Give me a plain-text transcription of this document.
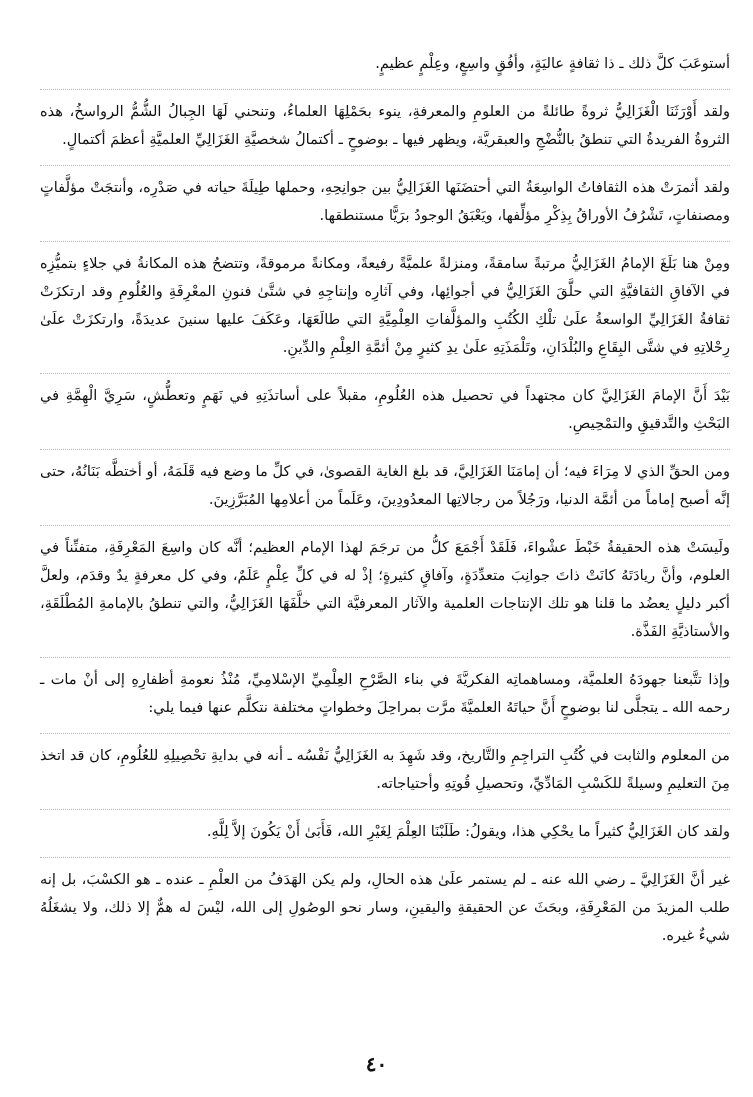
أستوعَبَ كلَّ ذلك ـ ذا ثقافةٍ عاليَةٍ، وأفُقٍ واسِعٍ، وعِلْمٍ عظيمٍ.

ولقد أَوْرَثَنَا الْغَزَالِيُّ ثروةً طائلةً من العلومِ والمعرفةِ، ينوء بحَمْلِهَا العلماءُ، وتنحني لَهَا الجِبالُ الشُّمُّ الرواسخُ، هذه الثروةُ الفريدةُ التي تنطقُ بالنُّضْجِ والعبقريَّة، ويظهر فيها ـ بوضوحٍ ـ أكتمالُ شخصيَّةِ الغَزَالِيِّ العلميَّةِ أعظمَ أكتمالٍ.

ولقد أثمرَتْ هذه الثقافاتُ الواسِعَةُ التي أحتضَنَها الغَزَالِيُّ بين جوانِحِهِ، وحملها طِيلَةَ حياته في صَدْرِه، وأنتجَتْ مؤلَّفاتٍ ومصنفاتٍ، تَشْرُفُ الأوراقُ بِذِكْرِ مؤلِّفها، ويَعْبَقُ الوجودُ برَيًّا مستنطقها.

ومِنْ هنا بَلَغَ الإمامُ الغَزَالِيُّ مرتبةً سامقةً، ومنزلةً علميَّةً رفيعةً، ومكانةً مرموقةً، وتتضحُ هذه المكانةُ في جلاءٍ بتميُّزِه في الآفاقِ الثقافيَّةِ التي حلَّقَ الغَزَالِيُّ في أجوائِها، وفي آثارِه وإنتاجِهِ في شتَّىٰ فنونِ المعْرِفَةِ والعُلُومِ وقد ارتكزَتْ ثقافةُ الغَزَالِيِّ الواسعةُ علَىٰ تلْكِ الكُتُبِ والمؤلَّفاتِ العِلْمِيَّةِ التي طالَعَهَا، وعَكَفَ عليها سنينَ عديدَةً، وارتكزَتْ علَىٰ رِحْلاتِهِ في شتَّى البِقَاعِ والبُلْدَانِ، وتَلْمَذَتِهِ علَىٰ يدِ كثيرٍ مِنْ أئمَّةِ العِلْمِ والدِّينِ.

بَيْدَ أَنَّ الإمامَ الغَزَالِيَّ كان مجتهداً في تحصيل هذه العُلُومِ، مقبلاً على أساتذَتِهِ في نَهَمٍ وتعطُّشٍ، سَرِيَّ الْهِمَّةِ في البَحْثِ والتَّدقيقِ والتمْحِيصِ.

ومن الحقِّ الذي لا مِرَاءَ فيه؛ أن إمامَنَا الغَزَالِيَّ، قد بلغ الغاية القصوىٰ، في كلِّ ما وضع فيه قَلَمَهُ، أو أختطَّه بَنَانُهُ، حتى إنَّه أصبح إماماً من أئمَّة الدنيا، ورَجُلاً من رجالاتِها المعدُودِينَ، وعَلَماً من أعلامِها المُبَرَّزِينَ.

ولَيسَتْ هذه الحقيقةُ خَبْطَ عشْواءَ، فَلَقَدْ أَجْمَعَ كلُّ من ترجَمَ لهذا الإمام العظيم؛ أنَّه كان واسِعَ المَعْرِفَةِ، متفنِّناً في العلوم، وأنَّ ريادَتَهُ كانَتْ ذاتَ جوانِبَ متعدِّدَةٍ، وآفاقٍ كثيرةٍ؛ إذْ له في كلِّ عِلْمٍ عَلَمٌ، وفي كل معرفةٍ يدٌ وقدَم، ولعلَّ أكبر دليلٍ يعضُد ما قلنا هو تلك الإنتاجات العلمية والآثار المعرفيَّة التي خلَّفَهَا الغَزَالِيُّ، والتي تنطقُ بالإمامةِ المُطْلَقَةِ، والأستاذيَّةِ الفَذَّة.

وإذا تتَّبعنا جهودَهُ العلميَّة، ومساهماتِه الفكريَّةَ في بناء الصَّرْحِ العِلْمِيِّ الإسْلامِيِّ، مُنْذُ نعومةِ أظفارِهِ إلى أنْ مات ـ رحمه الله ـ يتجلَّى لنا بوضوحٍ أَنَّ حياتَهُ العلميَّةَ مرَّت بمراحِلَ وخطواتٍ مختلفة نتكلَّم عنها فيما يلي:

من المعلوم والثابت في كُتُبِ التراجِمِ والتَّاريخ، وقد شَهِدَ به الغَزَالِيُّ نَفْسُه ـ أنه في بدايةِ تحْصِيلِهِ للعُلُومِ، كان قد اتخذ مِنَ التعليمِ وسيلةً للكَسْبِ المَادِّيِّ، وتحصيلِ قُوتِهِ وأحتياجاته.

ولقد كان الغَزَالِيُّ كثيراً ما يحْكِي هذا، ويقولُ: طَلَبْنَا العِلْمَ لِغَيْرِ الله، فَأَبَىٰ أَنْ يَكُونَ إلاَّ لِلَّهِ.

غير أنَّ الغَزَالِيَّ ـ رضي الله عنه ـ لم يستمر علَىٰ هذه الحالِ، ولم يكن الهَدَفُ من العلْمِ ـ عنده ـ هو الكسْبَ، بل إنه طلب المزيدَ من المَعْرِفَةِ، وبحَثَ عن الحقيقةِ واليقينِ، وسار نحو الوصُولِ إلى الله، ليْسَ له همٌّ إلا ذلك، ولا يشغَلُهُ شيءٌ غيره.

٤٠
